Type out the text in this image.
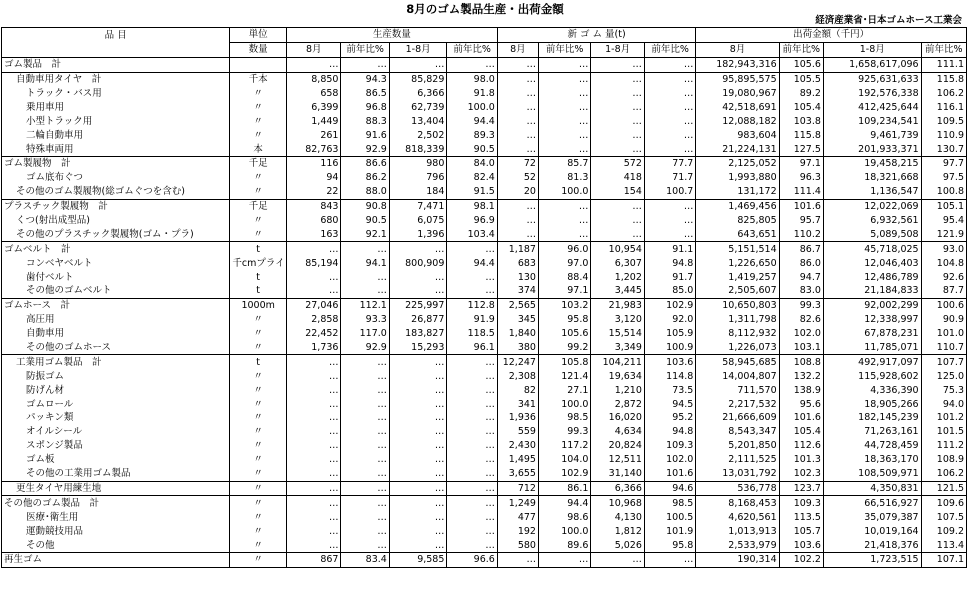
8月のゴム製品生産・出荷金額
経済産業省･日本ゴムホース工業会
品 目	単位	生産数量				新 ゴ ム 量(t)				出荷金額（千円）			
	数量	8月	前年比%	1-8月	前年比%	8月	前年比%	1-8月	前年比%	8月	前年比%	1-8月	前年比%
ゴム製品　計		…	…	…	…	…	…	…	…	182,943,316	105.6	1,658,617,096	111.1
自動車用タイヤ　計	千本	8,850	94.3	85,829	98.0	…	…	…	…	95,895,575	105.5	925,631,633	115.8
トラック・バス用	〃	658	86.5	6,366	91.8	…	…	…	…	19,080,967	89.2	192,576,338	106.2
乗用車用	〃	6,399	96.8	62,739	100.0	…	…	…	…	42,518,691	105.4	412,425,644	116.1
小型トラック用	〃	1,449	88.3	13,404	94.4	…	…	…	…	12,088,182	103.8	109,234,541	109.5
二輪自動車用	〃	261	91.6	2,502	89.3	…	…	…	…	983,604	115.8	9,461,739	110.9
特殊車両用	本	82,763	92.9	818,339	90.5	…	…	…	…	21,224,131	127.5	201,933,371	130.7
ゴム製履物　計	千足	116	86.6	980	84.0	72	85.7	572	77.7	2,125,052	97.1	19,458,215	97.7
ゴム底布ぐつ	〃	94	86.2	796	82.4	52	81.3	418	71.7	1,993,880	96.3	18,321,668	97.5
その他のゴム製履物(総ゴムぐつを含む)	〃	22	88.0	184	91.5	20	100.0	154	100.7	131,172	111.4	1,136,547	100.8
プラスチック製履物　計	千足	843	90.8	7,471	98.1	…	…	…	…	1,469,456	101.6	12,022,069	105.1
くつ(射出成型品)	〃	680	90.5	6,075	96.9	…	…	…	…	825,805	95.7	6,932,561	95.4
その他のプラスチック製履物(ゴム・プラ)	〃	163	92.1	1,396	103.4	…	…	…	…	643,651	110.2	5,089,508	121.9
ゴムベルト　計	t	…	…	…	…	1,187	96.0	10,954	91.1	5,151,514	86.7	45,718,025	93.0
コンベヤベルト	千cmプライ	85,194	94.1	800,909	94.4	683	97.0	6,307	94.8	1,226,650	86.0	12,046,403	104.8
歯付ベルト	t	…	…	…	…	130	88.4	1,202	91.7	1,419,257	94.7	12,486,789	92.6
その他のゴムベルト	t	…	…	…	…	374	97.1	3,445	85.0	2,505,607	83.0	21,184,833	87.7
ゴムホース　計	1000m	27,046	112.1	225,997	112.8	2,565	103.2	21,983	102.9	10,650,803	99.3	92,002,299	100.6
高圧用	〃	2,858	93.3	26,877	91.9	345	95.8	3,120	92.0	1,311,798	82.6	12,338,997	90.9
自動車用	〃	22,452	117.0	183,827	118.5	1,840	105.6	15,514	105.9	8,112,932	102.0	67,878,231	101.0
その他のゴムホース	〃	1,736	92.9	15,293	96.1	380	99.2	3,349	100.9	1,226,073	103.1	11,785,071	110.7
工業用ゴム製品　計	t	…	…	…	…	12,247	105.8	104,211	103.6	58,945,685	108.8	492,917,097	107.7
防振ゴム	〃	…	…	…	…	2,308	121.4	19,634	114.8	14,004,807	132.2	115,928,602	125.0
防げん材	〃	…	…	…	…	82	27.1	1,210	73.5	711,570	138.9	4,336,390	75.3
ゴムロール	〃	…	…	…	…	341	100.0	2,872	94.5	2,217,532	95.6	18,905,266	94.0
パッキン類	〃	…	…	…	…	1,936	98.5	16,020	95.2	21,666,609	101.6	182,145,239	101.2
オイルシール	〃	…	…	…	…	559	99.3	4,634	94.8	8,543,347	105.4	71,263,161	101.5
スポンジ製品	〃	…	…	…	…	2,430	117.2	20,824	109.3	5,201,850	112.6	44,728,459	111.2
ゴム板	〃	…	…	…	…	1,495	104.0	12,511	102.0	2,111,525	101.3	18,363,170	108.9
その他の工業用ゴム製品	〃	…	…	…	…	3,655	102.9	31,140	101.6	13,031,792	102.3	108,509,971	106.2
更生タイヤ用練生地	〃	…	…	…	…	712	86.1	6,366	94.6	536,778	123.7	4,350,831	121.5
その他のゴム製品　計	〃	…	…	…	…	1,249	94.4	10,968	98.5	8,168,453	109.3	66,516,927	109.6
医療･衛生用	〃	…	…	…	…	477	98.6	4,130	100.5	4,620,561	113.5	35,079,387	107.5
運動競技用品	〃	…	…	…	…	192	100.0	1,812	101.9	1,013,913	105.7	10,019,164	109.2
その他	〃	…	…	…	…	580	89.6	5,026	95.8	2,533,979	103.6	21,418,376	113.4
再生ゴム	〃	867	83.4	9,585	96.6	…	…	…	…	190,314	102.2	1,723,515	107.1
